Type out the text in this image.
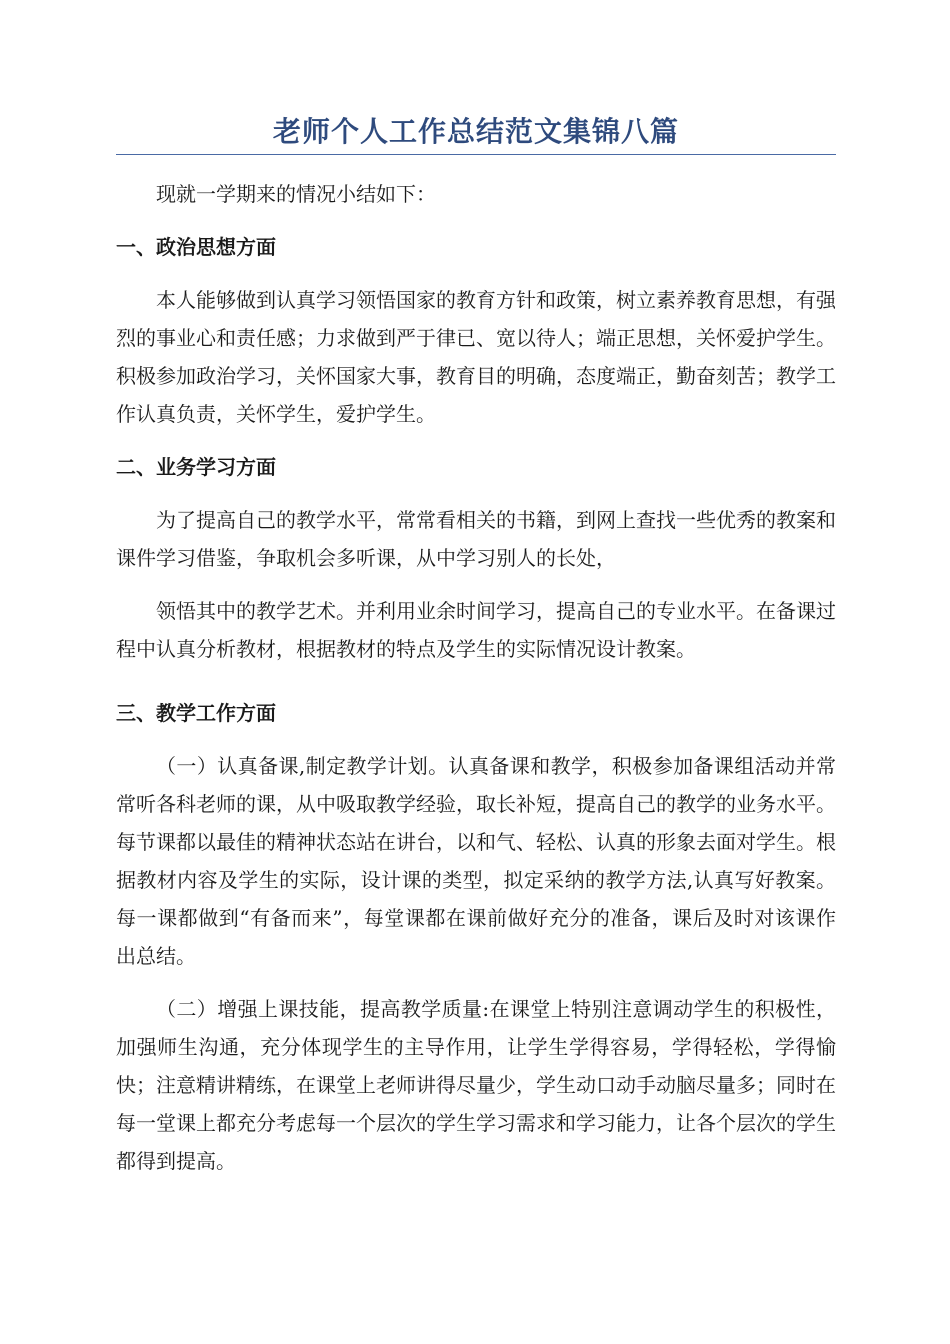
老师个人工作总结范文集锦八篇

现就一学期来的情况小结如下：

一、政治思想方面

本人能够做到认真学习领悟国家的教育方针和政策，树立素养教育思想，有强烈的事业心和责任感；力求做到严于律已、宽以待人；端正思想，关怀爱护学生。积极参加政治学习，关怀国家大事，教育目的明确，态度端正，勤奋刻苦；教学工作认真负责，关怀学生，爱护学生。

二、业务学习方面

为了提高自己的教学水平，常常看相关的书籍，到网上查找一些优秀的教案和课件学习借鉴，争取机会多听课，从中学习别人的长处，

领悟其中的教学艺术。并利用业余时间学习，提高自己的专业水平。在备课过程中认真分析教材，根据教材的特点及学生的实际情况设计教案。

三、教学工作方面

（一）认真备课,制定教学计划。认真备课和教学，积极参加备课组活动并常常听各科老师的课，从中吸取教学经验，取长补短，提高自己的教学的业务水平。每节课都以最佳的精神状态站在讲台，以和气、轻松、认真的形象去面对学生。根据教材内容及学生的实际，设计课的类型，拟定采纳的教学方法,认真写好教案。每一课都做到“有备而来”，每堂课都在课前做好充分的准备，课后及时对该课作出总结。

（二）增强上课技能，提高教学质量:在课堂上特别注意调动学生的积极性，加强师生沟通，充分体现学生的主导作用，让学生学得容易，学得轻松，学得愉快；注意精讲精练，在课堂上老师讲得尽量少，学生动口动手动脑尽量多；同时在每一堂课上都充分考虑每一个层次的学生学习需求和学习能力，让各个层次的学生都得到提高。
